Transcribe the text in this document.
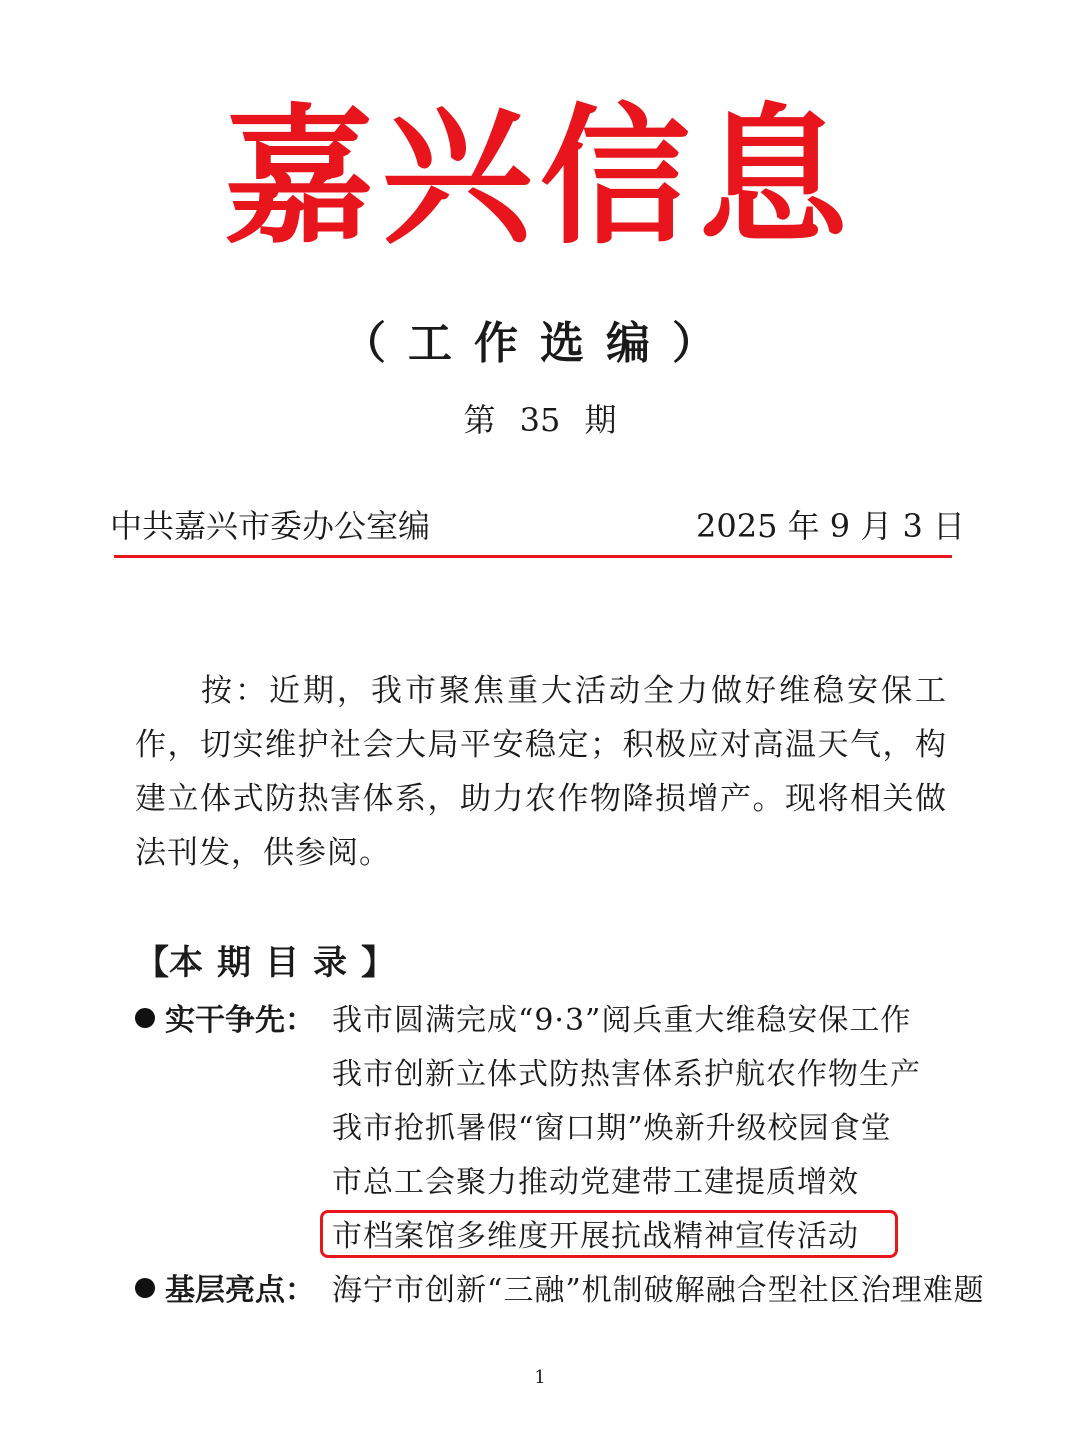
嘉兴信息
（工作选编）
第 35 期
中共嘉兴市委办公室编	2025 年 9 月 3 日
按：近期，我市聚焦重大活动全力做好维稳安保工作，切实维护社会大局平安稳定；积极应对高温天气，构建立体式防热害体系，助力农作物降损增产。现将相关做法刊发，供参阅。
【本期目录】
实干争先： 我市圆满完成“9·3”阅兵重大维稳安保工作
我市创新立体式防热害体系护航农作物生产
我市抢抓暑假“窗口期”焕新升级校园食堂
市总工会聚力推动党建带工建提质增效
市档案馆多维度开展抗战精神宣传活动
基层亮点： 海宁市创新“三融”机制破解融合型社区治理难题
1
